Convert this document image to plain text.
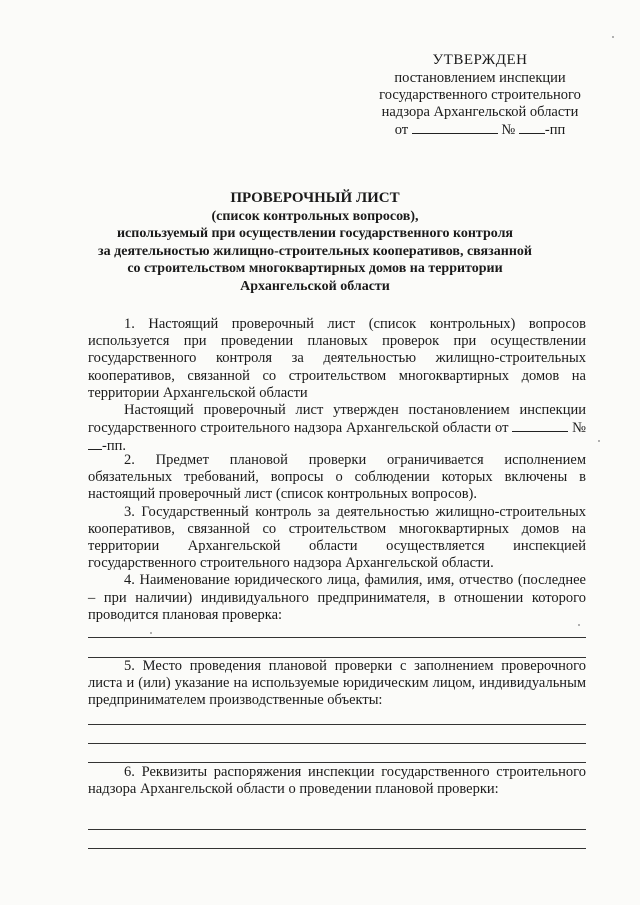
УТВЕРЖДЕН
постановлением инспекции
государственного строительного
надзора Архангельской области
от	№ -пп
ПРОВЕРОЧНЫЙ ЛИСТ
(список контрольных вопросов),
используемый при осуществлении государственного контроля
за деятельностью жилищно-строительных кооперативов, связанной
со строительством многоквартирных домов на территории
Архангельской области

1. Настоящий проверочный лист (список контрольных) вопросов используется при проведении плановых проверок при осуществлении государственного контроля за деятельностью жилищно-строительных кооперативов, связанной со строительством многоквартирных домов на территории Архангельской области

Настоящий проверочный лист утвержден постановлением инспекции государственного строительного надзора Архангельской области от	№ -пп.

2. Предмет плановой проверки ограничивается исполнением обязательных требований, вопросы о соблюдении которых включены в настоящий проверочный лист (список контрольных вопросов).

3. Государственный контроль за деятельностью жилищно-строительных кооперативов, связанной со строительством многоквартирных домов на территории Архангельской области осуществляется инспекцией государственного строительного надзора Архангельской области.

4. Наименование юридического лица, фамилия, имя, отчество (последнее – при наличии) индивидуального предпринимателя, в отношении которого проводится плановая проверка:

5. Место проведения плановой проверки с заполнением проверочного листа и (или) указание на используемые юридическим лицом, индивидуальным предпринимателем производственные объекты:

6. Реквизиты распоряжения инспекции государственного строительного надзора Архангельской области о проведении плановой проверки:
